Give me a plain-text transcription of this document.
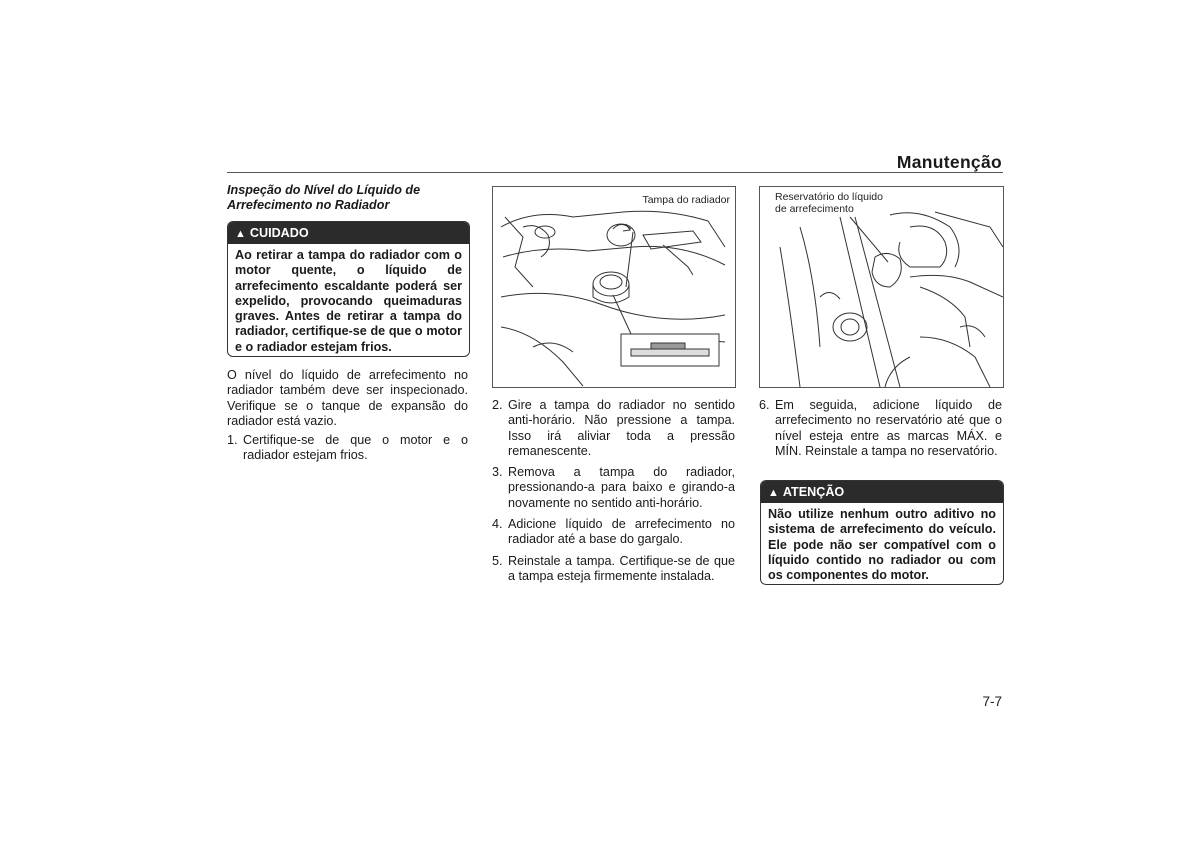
Manutenção
Inspeção do Nível do Líquido de Arrefecimento no Radiador
▲ CUIDADO
Ao retirar a tampa do radiador com o motor quente, o líquido de arrefecimento escaldante poderá ser expelido, provocando queimaduras graves. Antes de retirar a tampa do radiador, certifique-se de que o motor e o radiador estejam frios.
O nível do líquido de arrefecimento no radiador também deve ser inspecionado. Verifique se o tanque de expansão do radiador está vazio.
1. Certifique-se de que o motor e o radiador estejam frios.
Tampa do radiador
2. Gire a tampa do radiador no sentido anti-horário. Não pressione a tampa. Isso irá aliviar toda a pressão remanescente.
3. Remova a tampa do radiador, pressionando-a para baixo e girando-a novamente no sentido anti-horário.
4. Adicione líquido de arrefecimento no radiador até a base do gargalo.
5. Reinstale a tampa. Certifique-se de que a tampa esteja firmemente instalada.
Reservatório do líquido
de arrefecimento
6. Em seguida, adicione líquido de arrefecimento no reservatório até que o nível esteja entre as marcas MÁX. e MÍN. Reinstale a tampa no reservatório.
▲ ATENÇÃO
Não utilize nenhum outro aditivo no sistema de arrefecimento do veículo. Ele pode não ser compatível com o líquido contido no radiador ou com os componentes do motor.
7-7
